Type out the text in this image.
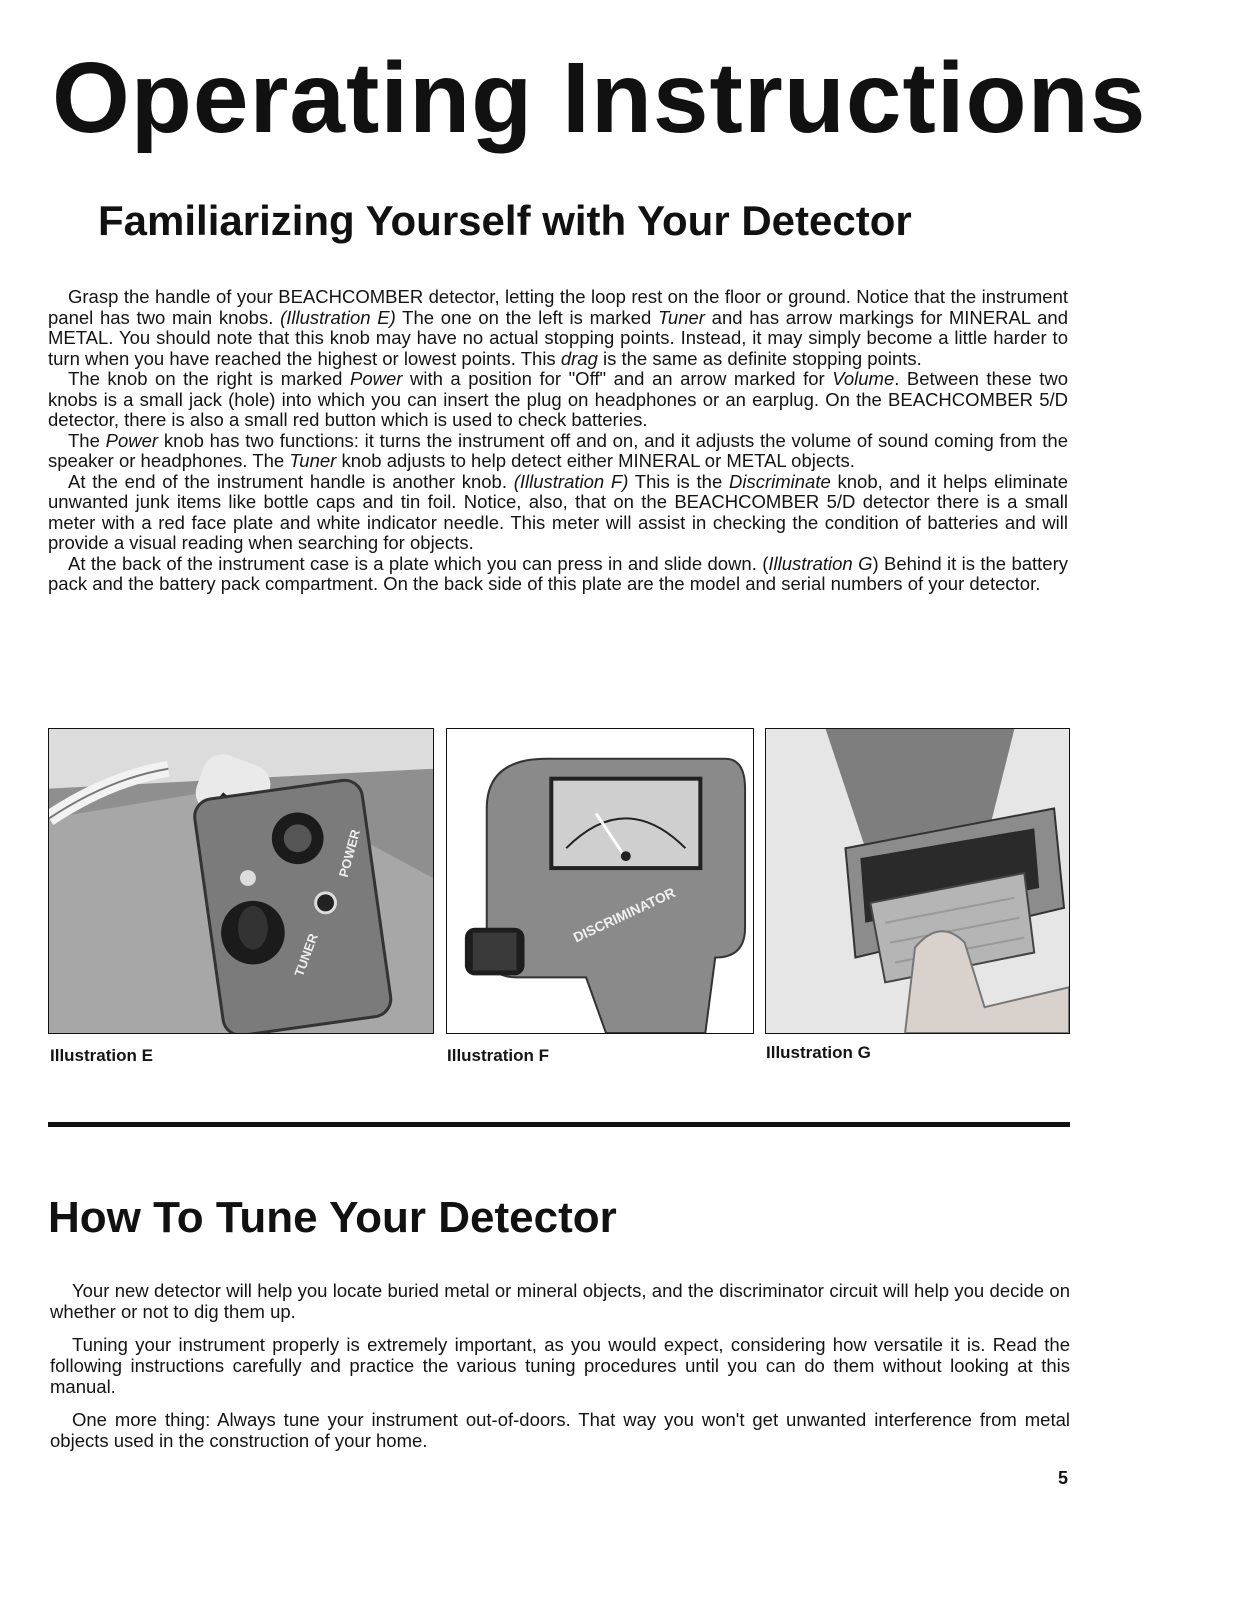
Operating Instructions
Familiarizing Yourself with Your Detector

Grasp the handle of your BEACHCOMBER detector, letting the loop rest on the floor or ground. Notice that the instrument panel has two main knobs. (Illustration E) The one on the left is marked Tuner and has arrow markings for MINERAL and METAL. You should note that this knob may have no actual stopping points. Instead, it may simply become a little harder to turn when you have reached the highest or lowest points. This drag is the same as definite stopping points.

The knob on the right is marked Power with a position for "Off" and an arrow marked for Volume. Between these two knobs is a small jack (hole) into which you can insert the plug on headphones or an earplug. On the BEACHCOMBER 5/D detector, there is also a small red button which is used to check batteries.

The Power knob has two functions: it turns the instrument off and on, and it adjusts the volume of sound coming from the speaker or headphones. The Tuner knob adjusts to help detect either MINERAL or METAL objects.

At the end of the instrument handle is another knob. (Illustration F) This is the Discriminate knob, and it helps eliminate unwanted junk items like bottle caps and tin foil. Notice, also, that on the BEACHCOMBER 5/D detector there is a small meter with a red face plate and white indicator needle. This meter will assist in checking the condition of batteries and will provide a visual reading when searching for objects.

At the back of the instrument case is a plate which you can press in and slide down. (Illustration G) Behind it is the battery pack and the battery pack compartment. On the back side of this plate are the model and serial numbers of your detector.

TUNER
POWER
Illustration E
DISCRIMINATOR
Illustration F	Illustration G
How To Tune Your Detector

Your new detector will help you locate buried metal or mineral objects, and the discriminator circuit will help you decide on whether or not to dig them up.

Tuning your instrument properly is extremely important, as you would expect, considering how versatile it is. Read the following instructions carefully and practice the various tuning procedures until you can do them without looking at this manual.

One more thing: Always tune your instrument out-of-doors. That way you won't get unwanted interference from metal objects used in the construction of your home.

5
